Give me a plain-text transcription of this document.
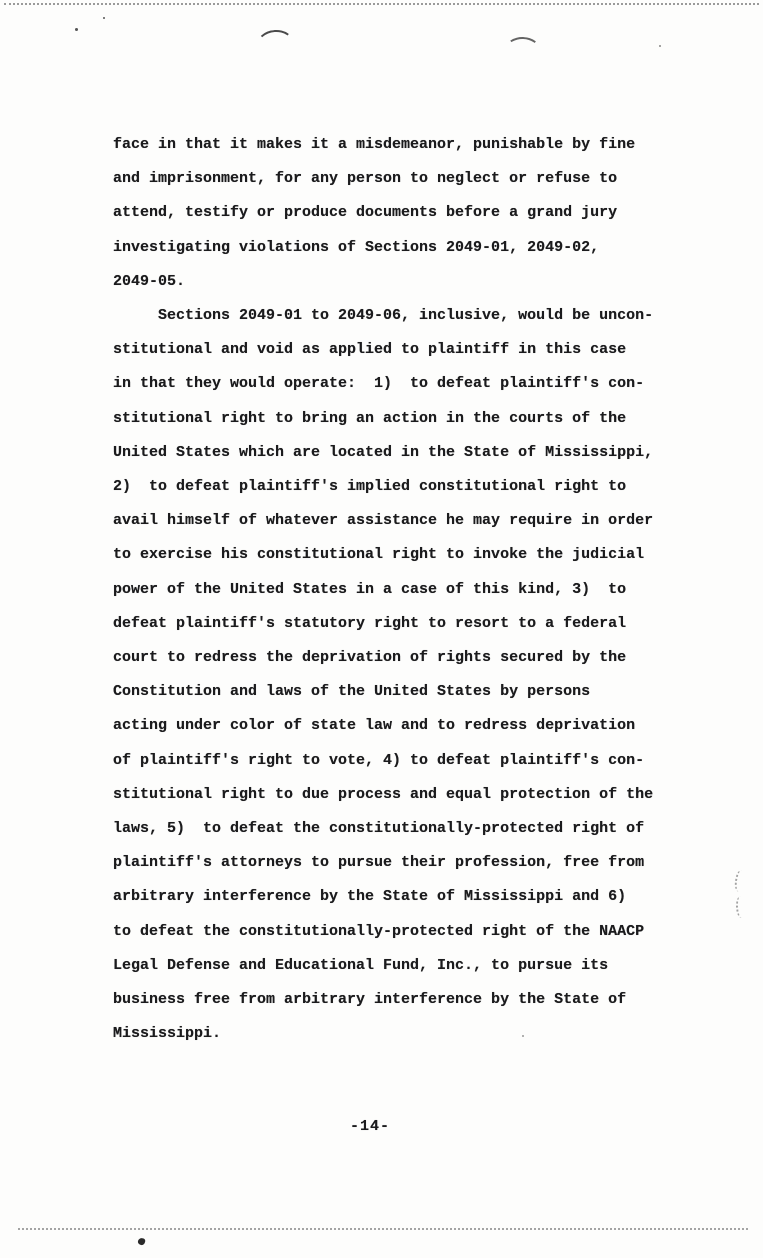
face in that it makes it a misdemeanor, punishable by fine
and imprisonment, for any person to neglect or refuse to
attend, testify or produce documents before a grand jury
investigating violations of Sections 2049-01, 2049-02,
2049-05.
Sections 2049-01 to 2049-06, inclusive, would be uncon-
stitutional and void as applied to plaintiff in this case
in that they would operate:  1)  to defeat plaintiff's con-
stitutional right to bring an action in the courts of the
United States which are located in the State of Mississippi,
2)  to defeat plaintiff's implied constitutional right to
avail himself of whatever assistance he may require in order
to exercise his constitutional right to invoke the judicial
power of the United States in a case of this kind, 3)  to
defeat plaintiff's statutory right to resort to a federal
court to redress the deprivation of rights secured by the
Constitution and laws of the United States by persons
acting under color of state law and to redress deprivation
of plaintiff's right to vote, 4) to defeat plaintiff's con-
stitutional right to due process and equal protection of the
laws, 5)  to defeat the constitutionally-protected right of
plaintiff's attorneys to pursue their profession, free from
arbitrary interference by the State of Mississippi and 6)
to defeat the constitutionally-protected right of the NAACP
Legal Defense and Educational Fund, Inc., to pursue its
business free from arbitrary interference by the State of
Mississippi.
-14-
